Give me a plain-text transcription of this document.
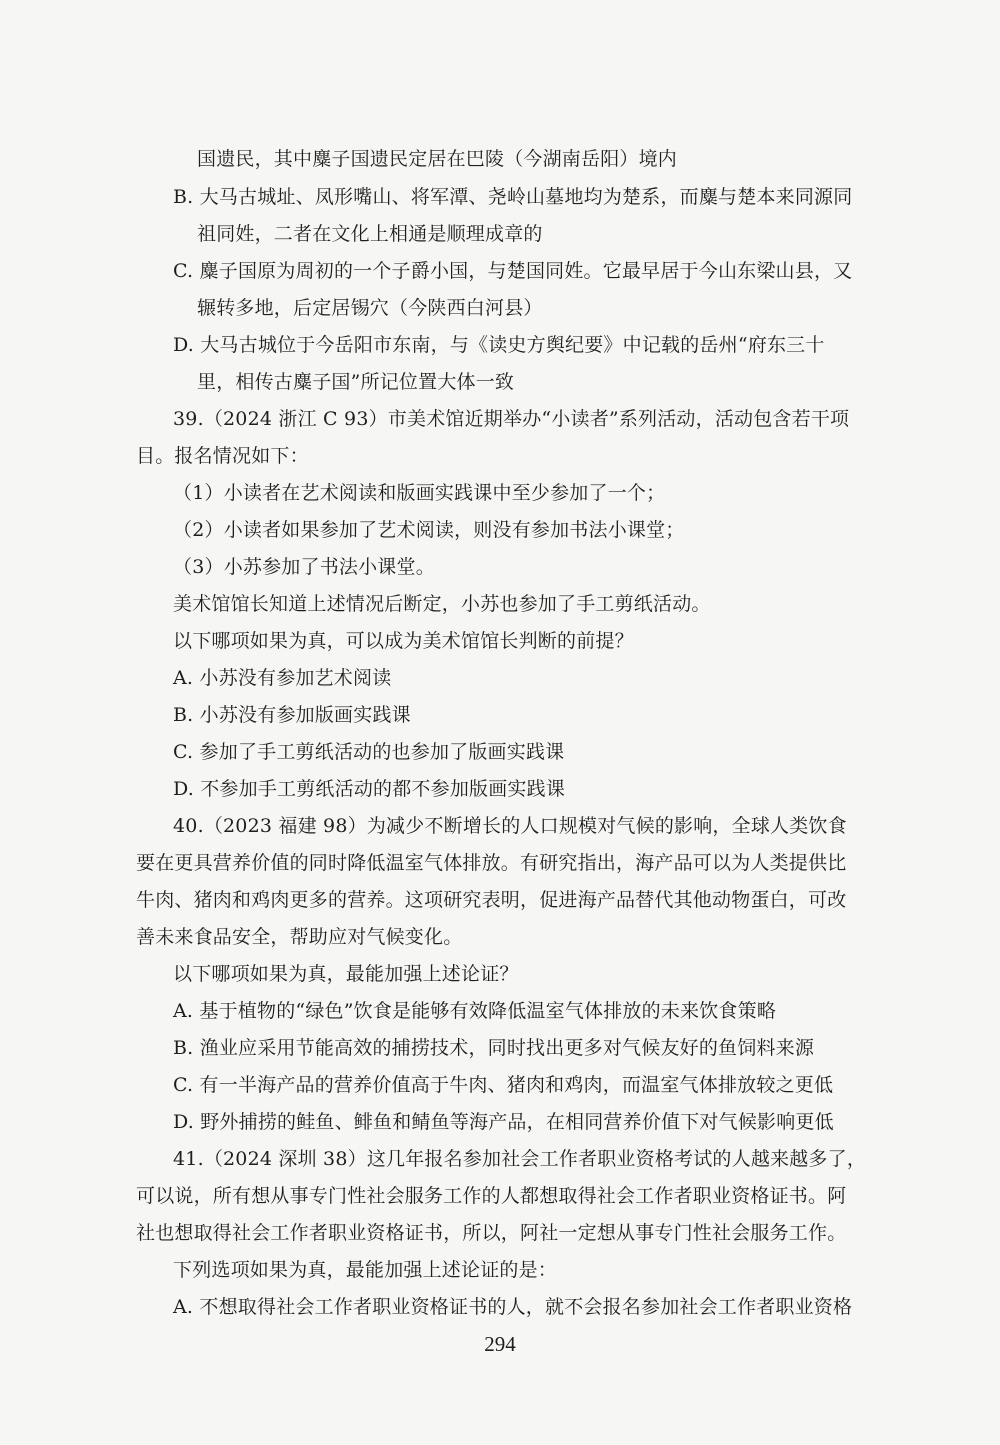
国遗民，其中麋子国遗民定居在巴陵（今湖南岳阳）境内
B. 大马古城址、凤形嘴山、将军潭、尧岭山墓地均为楚系，而麋与楚本来同源同
祖同姓，二者在文化上相通是顺理成章的
C. 麋子国原为周初的一个子爵小国，与楚国同姓。它最早居于今山东梁山县，又
辗转多地，后定居锡穴（今陕西白河县）
D. 大马古城位于今岳阳市东南，与《读史方舆纪要》中记载的岳州“府东三十
里，相传古麋子国”所记位置大体一致
39.（2024 浙江 C 93）市美术馆近期举办“小读者”系列活动，活动包含若干项
目。报名情况如下：
（1）小读者在艺术阅读和版画实践课中至少参加了一个；
（2）小读者如果参加了艺术阅读，则没有参加书法小课堂；
（3）小苏参加了书法小课堂。
美术馆馆长知道上述情况后断定，小苏也参加了手工剪纸活动。
以下哪项如果为真，可以成为美术馆馆长判断的前提？
A. 小苏没有参加艺术阅读
B. 小苏没有参加版画实践课
C. 参加了手工剪纸活动的也参加了版画实践课
D. 不参加手工剪纸活动的都不参加版画实践课
40.（2023 福建 98）为减少不断增长的人口规模对气候的影响，全球人类饮食
要在更具营养价值的同时降低温室气体排放。有研究指出，海产品可以为人类提供比
牛肉、猪肉和鸡肉更多的营养。这项研究表明，促进海产品替代其他动物蛋白，可改
善未来食品安全，帮助应对气候变化。
以下哪项如果为真，最能加强上述论证？
A. 基于植物的“绿色”饮食是能够有效降低温室气体排放的未来饮食策略
B. 渔业应采用节能高效的捕捞技术，同时找出更多对气候友好的鱼饲料来源
C. 有一半海产品的营养价值高于牛肉、猪肉和鸡肉，而温室气体排放较之更低
D. 野外捕捞的鲑鱼、鲱鱼和鲭鱼等海产品，在相同营养价值下对气候影响更低
41.（2024 深圳 38）这几年报名参加社会工作者职业资格考试的人越来越多了，
可以说，所有想从事专门性社会服务工作的人都想取得社会工作者职业资格证书。阿
社也想取得社会工作者职业资格证书，所以，阿社一定想从事专门性社会服务工作。
下列选项如果为真，最能加强上述论证的是：
A. 不想取得社会工作者职业资格证书的人，就不会报名参加社会工作者职业资格
294
